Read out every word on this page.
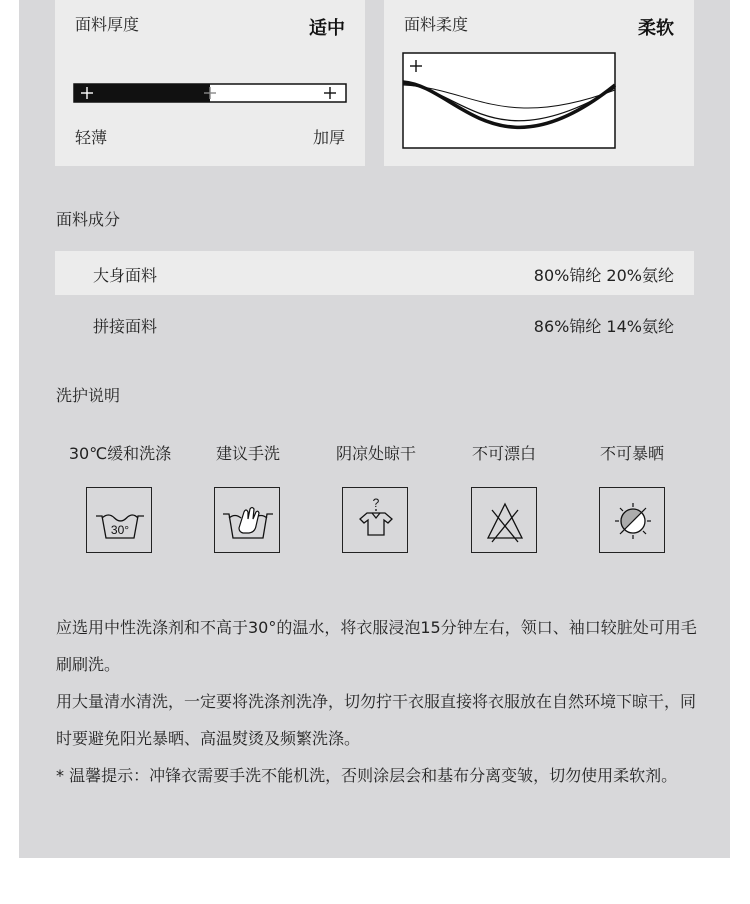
面料厚度	适中
轻薄	加厚
面料柔度	柔软
面料成分
大身面料	80%锦纶 20%氨纶
拼接面料	86%锦纶 14%氨纶
洗护说明
30℃缓和洗涤	建议手洗	阴凉处晾干	不可漂白	不可暴晒
30°
?
应选用中性洗涤剂和不高于30°的温水，将衣服浸泡15分钟左右，领口、袖口较脏处可用毛刷刷洗。
用大量清水清洗，一定要将洗涤剂洗净，切勿拧干衣服直接将衣服放在自然环境下晾干，同时要避免阳光暴晒、高温熨烫及频繁洗涤。
* 温馨提示：冲锋衣需要手洗不能机洗，否则涂层会和基布分离变皱，切勿使用柔软剂。
